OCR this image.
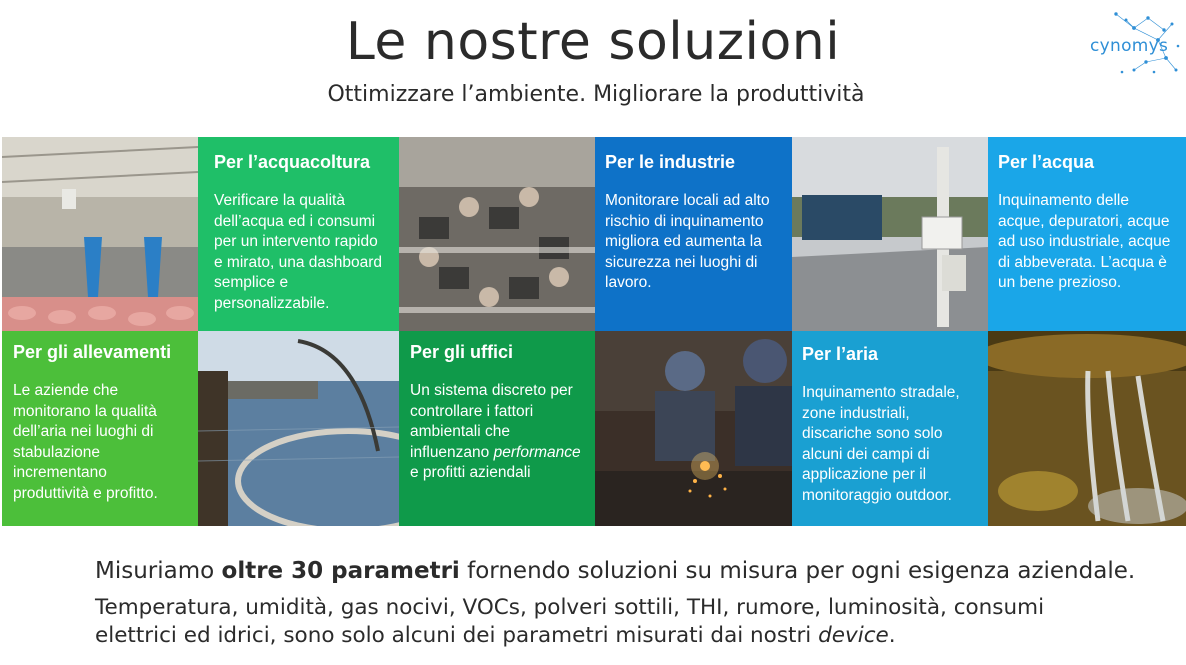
Le nostre soluzioni
Ottimizzare l’ambiente. Migliorare la produttività
cynomys
Per l’acquacoltura
Verificare la qualità dell’acqua ed i consumi per un intervento rapido e mirato, una dashboard semplice e personalizzabile.
Per le industrie
Monitorare locali ad alto rischio di inquinamento migliora ed aumenta la sicurezza nei luoghi di lavoro.
Per l’acqua
Inquinamento delle acque, depuratori, acque ad uso industriale, acque di abbeverata. L’acqua è un bene prezioso.
Per gli allevamenti
Le aziende che monitorano la qualità dell’aria nei luoghi di stabulazione incrementano produttività e profitto.
Per gli uffici
Un sistema discreto per controllare i fattori ambientali che influenzano performance e profitti aziendali
Per l’aria
Inquinamento stradale, zone industriali, discariche sono solo alcuni dei campi di applicazione per il monitoraggio outdoor.
Misuriamo oltre 30 parametri fornendo soluzioni su misura per ogni esigenza aziendale.
Temperatura, umidità, gas nocivi, VOCs, polveri sottili, THI, rumore, luminosità, consumi elettrici ed idrici, sono solo alcuni dei parametri misurati dai nostri device.
